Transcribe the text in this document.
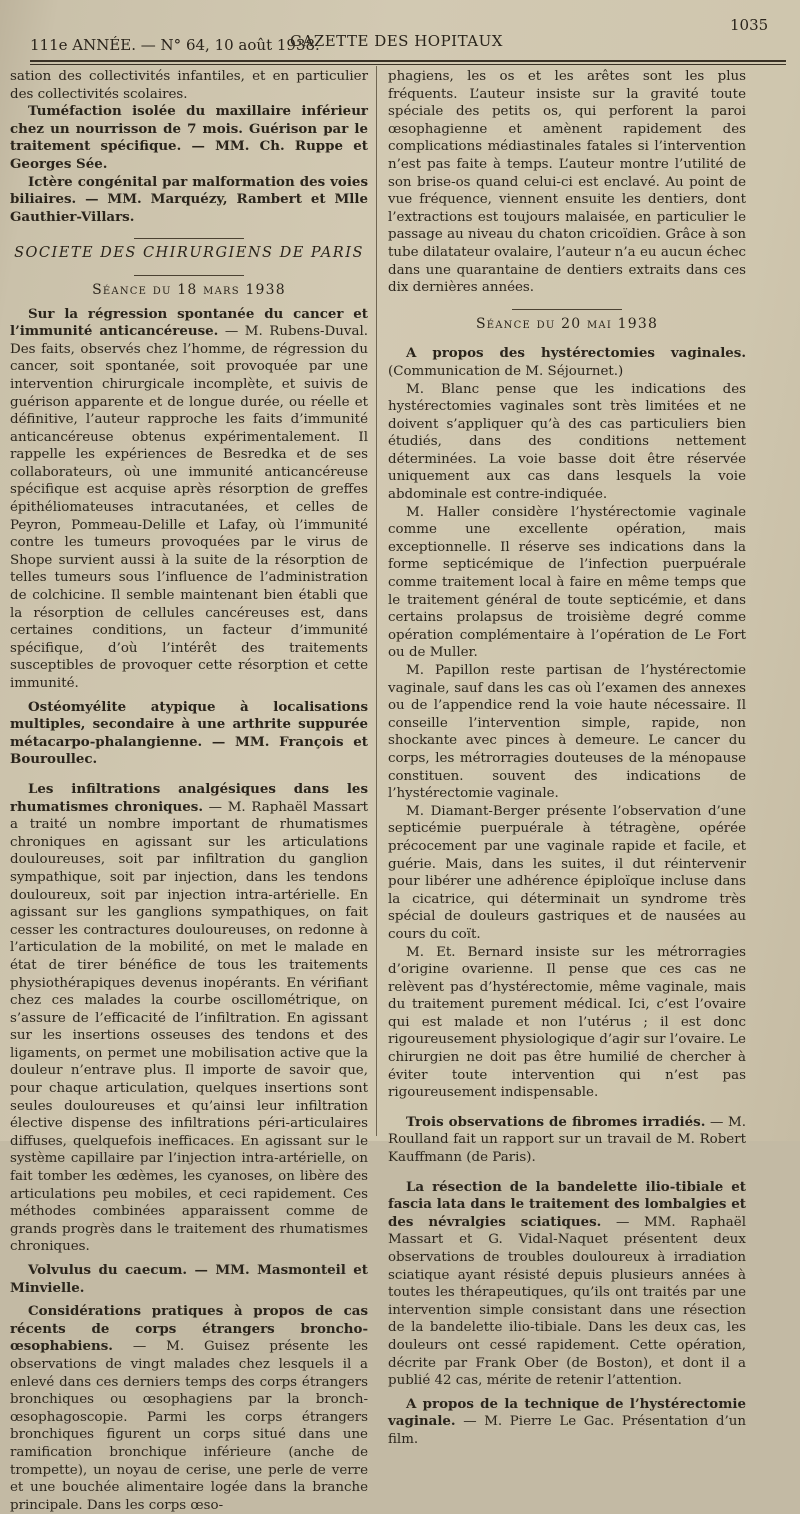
111e ANNÉE. — N° 64, 10 août 1938.
GAZETTE DES HOPITAUX
1035

sation des collectivités infantiles, et en particulier des collectivités scolaires.

Tuméfaction isolée du maxillaire inférieur chez un nourrisson de 7 mois. Guérison par le traitement spécifique. — MM. Ch. Ruppe et Georges Sée.

Ictère congénital par malformation des voies biliaires. — MM. Marquézy, Rambert et Mlle Gauthier-Villars.

SOCIETE DES CHIRURGIENS DE PARIS

Séance du 18 mars 1938

Sur la régression spontanée du cancer et l’immunité anticancéreuse. — M. Rubens-Duval. Des faits, observés chez l’homme, de régression du cancer, soit spontanée, soit provoquée par une intervention chirurgicale incomplète, et suivis de guérison apparente et de longue durée, ou réelle et définitive, l’auteur rapproche les faits d’immunité anticancéreuse obtenus expérimentalement. Il rappelle les expériences de Besredka et de ses collaborateurs, où une immunité anticancéreuse spécifique est acquise après résorption de greffes épithéliomateuses intracutanées, et celles de Peyron, Pommeau-Delille et Lafay, où l’immunité contre les tumeurs provoquées par le virus de Shope survient aussi à la suite de la résorption de telles tumeurs sous l’influence de l’administration de colchicine. Il semble maintenant bien établi que la résorption de cellules cancéreuses est, dans certaines conditions, un facteur d’immunité spécifique, d’où l’intérêt des traitements susceptibles de provoquer cette résorption et cette immunité.

Ostéomyélite atypique à localisations multiples, secondaire à une arthrite suppurée métacarpo-phalangienne. — MM. François et Bouroullec.

Les infiltrations analgésiques dans les rhumatismes chroniques. — M. Raphaël Massart a traité un nombre important de rhumatismes chroniques en agissant sur les articulations douloureuses, soit par infiltration du ganglion sympathique, soit par injection, dans les tendons douloureux, soit par injection intra-artérielle. En agissant sur les ganglions sympathiques, on fait cesser les contractures douloureuses, on redonne à l’articulation de la mobilité, on met le malade en état de tirer bénéfice de tous les traitements physiothérapiques devenus inopérants. En vérifiant chez ces malades la courbe oscillométrique, on s’assure de l’efficacité de l’infiltration. En agissant sur les insertions osseuses des tendons et des ligaments, on permet une mobilisation active que la douleur n’entrave plus. Il importe de savoir que, pour chaque articulation, quelques insertions sont seules douloureuses et qu’ainsi leur infiltration élective dispense des infiltrations péri-articulaires diffuses, quelquefois inefficaces. En agissant sur le système capillaire par l’injection intra-artérielle, on fait tomber les œdèmes, les cyanoses, on libère des articulations peu mobiles, et ceci rapidement. Ces méthodes combinées apparaissent comme de grands progrès dans le traitement des rhumatismes chroniques.

Volvulus du caecum. — MM. Masmonteil et Minvielle.

Considérations pratiques à propos de cas récents de corps étrangers broncho-œsophabiens. — M. Guisez présente les observations de vingt malades chez lesquels il a enlevé dans ces derniers temps des corps étrangers bronchiques ou œsophagiens par la bronch-œsophagoscopie. Parmi les corps étrangers bronchiques figurent un corps situé dans une ramification bronchique inférieure (anche de trompette), un noyau de cerise, une perle de verre et une bouchée alimentaire logée dans la branche principale. Dans les corps œso-

phagiens, les os et les arêtes sont les plus fréquents. L’auteur insiste sur la gravité toute spéciale des petits os, qui perforent la paroi œsophagienne et amènent rapidement des complications médiastinales fatales si l’intervention n’est pas faite à temps. L’auteur montre l’utilité de son brise-os quand celui-ci est enclavé. Au point de vue fréquence, viennent ensuite les dentiers, dont l’extractions est toujours malaisée, en particulier le passage au niveau du chaton cricoïdien. Grâce à son tube dilatateur ovalaire, l’auteur n’a eu aucun échec dans une quarantaine de dentiers extraits dans ces dix dernières années.

Séance du 20 mai 1938

A propos des hystérectomies vaginales. (Communication de M. Séjournet.)

M. Blanc pense que les indications des hystérectomies vaginales sont très limitées et ne doivent s’appliquer qu’à des cas particuliers bien étudiés, dans des conditions nettement déterminées. La voie basse doit être réservée uniquement aux cas dans lesquels la voie abdominale est contre-indiquée.

M. Haller considère l’hystérectomie vaginale comme une excellente opération, mais exceptionnelle. Il réserve ses indications dans la forme septicémique de l’infection puerpuérale comme traitement local à faire en même temps que le traitement général de toute septicémie, et dans certains prolapsus de troisième degré comme opération complémentaire à l’opération de Le Fort ou de Muller.

M. Papillon reste partisan de l’hystérectomie vaginale, sauf dans les cas où l’examen des annexes ou de l’appendice rend la voie haute nécessaire. Il conseille l’intervention simple, rapide, non shockante avec pinces à demeure. Le cancer du corps, les métrorragies douteuses de la ménopause constituen. souvent des indications de l’hystérectomie vaginale.

M. Diamant-Berger présente l’observation d’une septicémie puerpuérale à tétragène, opérée précocement par une vaginale rapide et facile, et guérie. Mais, dans les suites, il dut réintervenir pour libérer une adhérence épiploïque incluse dans la cicatrice, qui déterminait un syndrome très spécial de douleurs gastriques et de nausées au cours du coït.

M. Et. Bernard insiste sur les métrorragies d’origine ovarienne. Il pense que ces cas ne relèvent pas d’hystérectomie, même vaginale, mais du traitement purement médical. Ici, c’est l’ovaire qui est malade et non l’utérus ; il est donc rigoureusement physiologique d’agir sur l’ovaire. Le chirurgien ne doit pas être humilié de chercher à éviter toute intervention qui n’est pas rigoureusement indispensable.

Trois observations de fibromes irradiés. — M. Roulland fait un rapport sur un travail de M. Robert Kauffmann (de Paris).

La résection de la bandelette ilio-tibiale et fascia lata dans le traitement des lombalgies et des névralgies sciatiques. — MM. Raphaël Massart et G. Vidal-Naquet présentent deux observations de troubles douloureux à irradiation sciatique ayant résisté depuis plusieurs années à toutes les thérapeutiques, qu’ils ont traités par une intervention simple consistant dans une résection de la bandelette ilio-tibiale. Dans les deux cas, les douleurs ont cessé rapidement. Cette opération, décrite par Frank Ober (de Boston), et dont il a publié 42 cas, mérite de retenir l’attention.

A propos de la technique de l’hystérectomie vaginale. — M. Pierre Le Gac. Présentation d’un film.
